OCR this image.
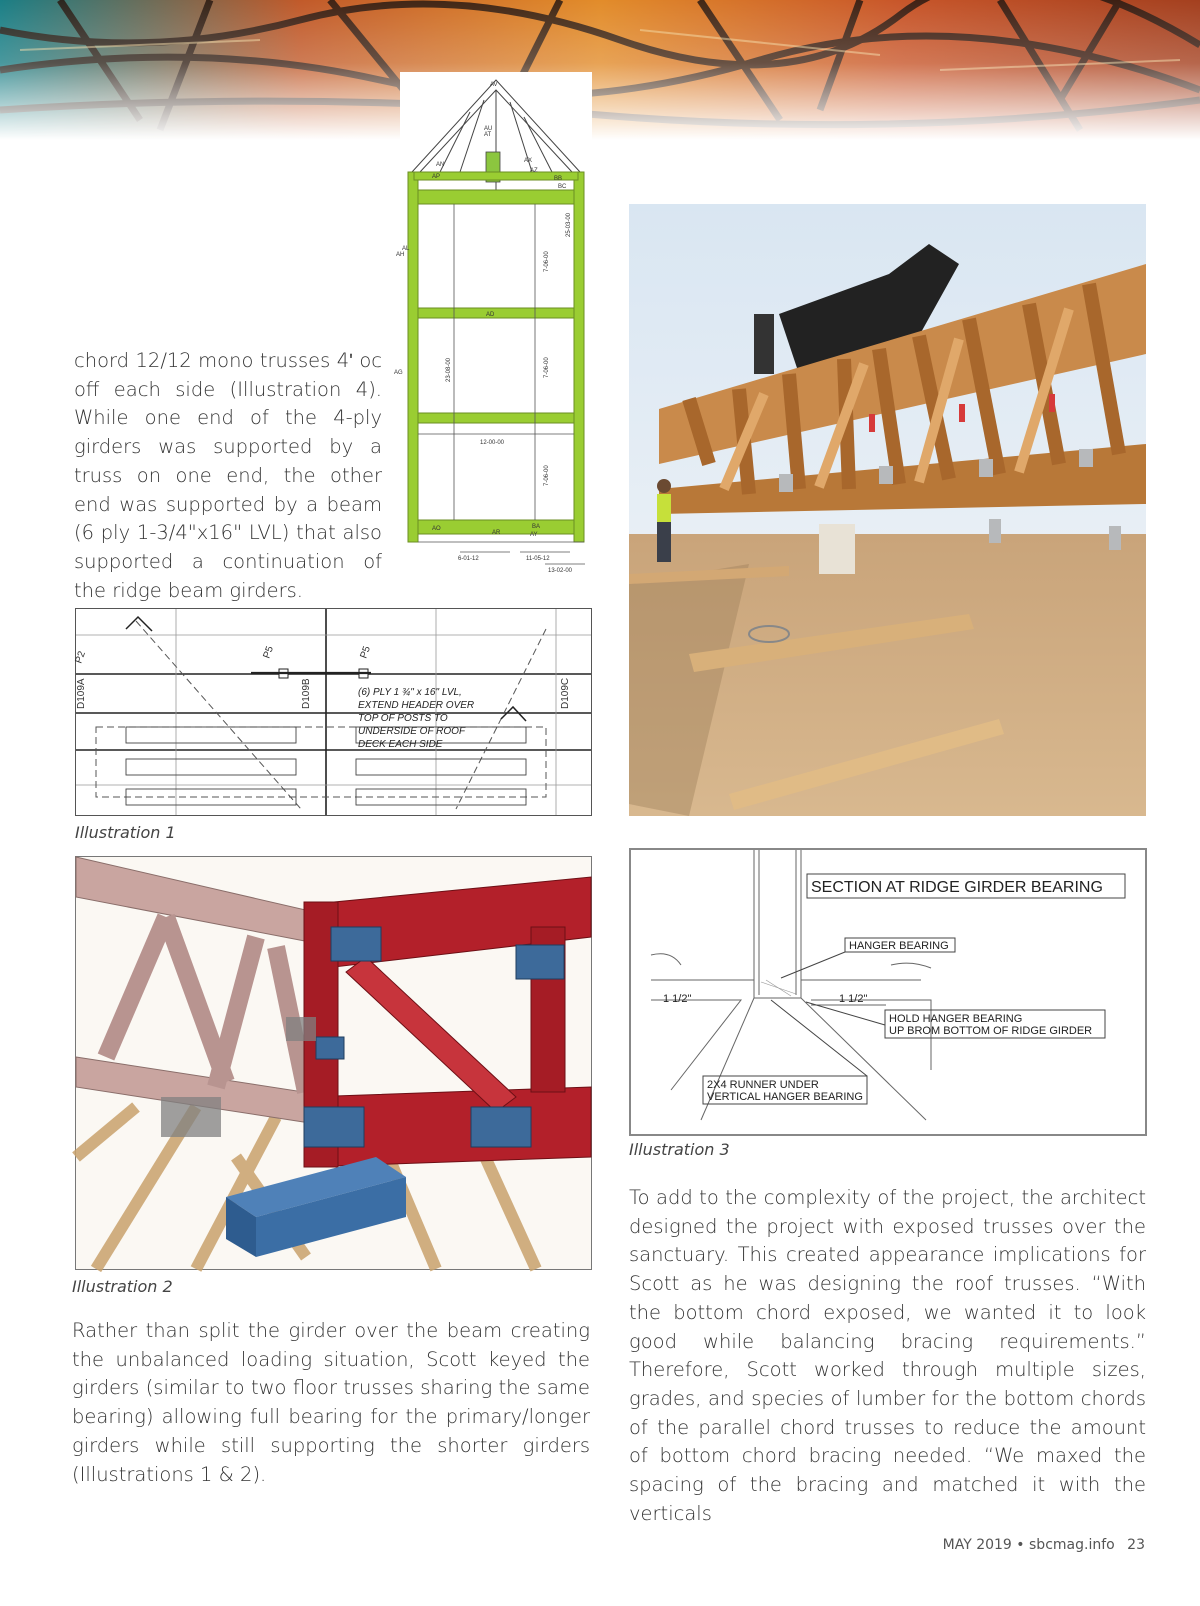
AV
AU
AT
AN
AP
AX
AZ
BB
BC
AH
AD
AG
AL
AO
AR	AY
BA
23-08-00
12-00-00
7-06-00
7-06-00
7-06-00
25-03-00
6-01-12	11-05-12
13-02-00
chord 12/12 mono trusses 4ʹ oc off each side (Illustration 4). While one end of the 4-ply girders was supported by a truss on one end, the other end was supported by a beam (6 ply 1-3/4"x16" LVL) that also supported a continuation of the ridge beam girders.
P2	P5	P5
D109A	D109B	D109C
(6) PLY 1 ¾" x 16" LVL,
EXTEND HEADER OVER
TOP OF POSTS TO
UNDERSIDE OF ROOF
DECK EACH SIDE
Illustration 1
Illustration 2
Rather than split the girder over the beam creating the unbalanced loading situation, Scott keyed the girders (similar to two floor trusses sharing the same bearing) allowing full bearing for the primary/longer girders while still supporting the shorter girders (Illustrations 1 & 2).
SECTION AT RIDGE GIRDER BEARING
HANGER BEARING
1 1/2"	1 1/2"
HOLD HANGER BEARING
UP BROM BOTTOM OF RIDGE GIRDER
2X4 RUNNER UNDER
VERTICAL HANGER BEARING
Illustration 3
To add to the complexity of the project, the architect designed the project with exposed trusses over the sanctuary. This created appearance implications for Scott as he was designing the roof trusses. “With the bottom chord exposed, we wanted it to look good while balancing bracing requirements.” Therefore, Scott worked through multiple sizes, grades, and species of lumber for the bottom chords of the parallel chord trusses to reduce the amount of bottom chord bracing needed. “We maxed the spacing of the bracing and matched it with the verticals
MAY 2019 • sbcmag.info 23
